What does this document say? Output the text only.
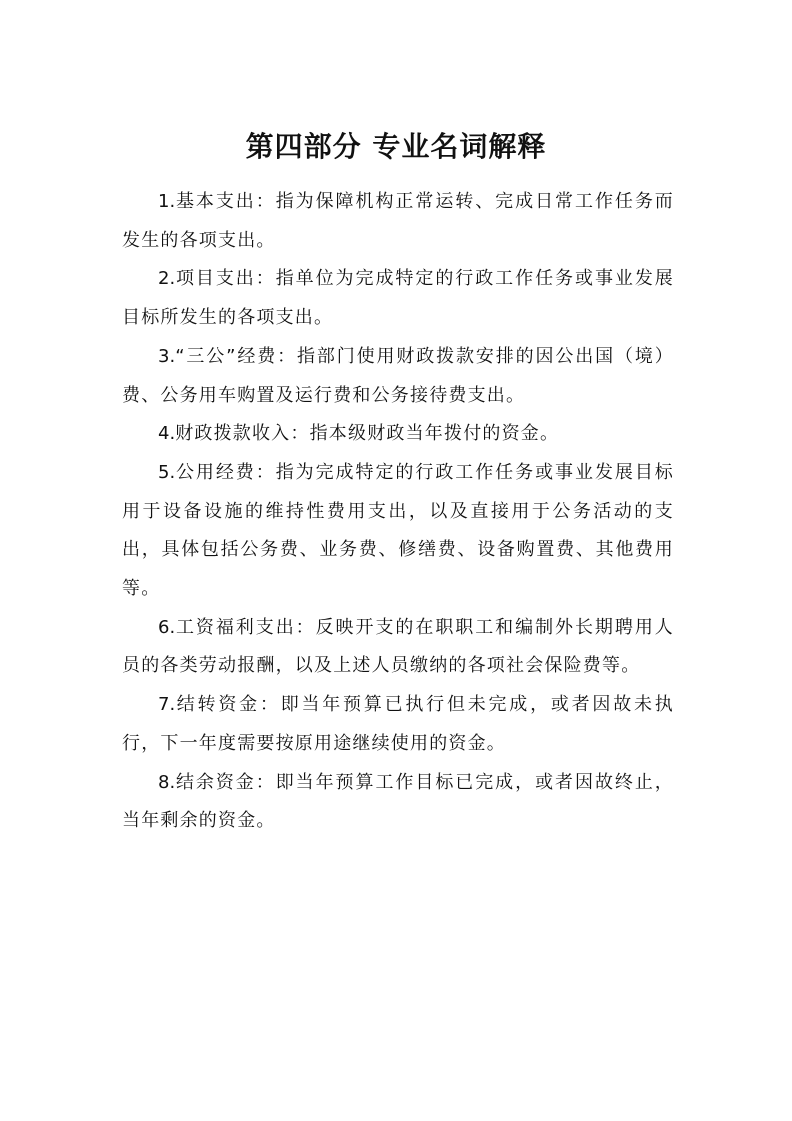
第四部分 专业名词解释

1.基本支出：指为保障机构正常运转、完成日常工作任务而发生的各项支出。

2.项目支出：指单位为完成特定的行政工作任务或事业发展目标所发生的各项支出。

3.“三公”经费：指部门使用财政拨款安排的因公出国（境）费、公务用车购置及运行费和公务接待费支出。

4.财政拨款收入：指本级财政当年拨付的资金。

5.公用经费：指为完成特定的行政工作任务或事业发展目标用于设备设施的维持性费用支出，以及直接用于公务活动的支出，具体包括公务费、业务费、修缮费、设备购置费、其他费用等。

6.工资福利支出：反映开支的在职职工和编制外长期聘用人员的各类劳动报酬，以及上述人员缴纳的各项社会保险费等。

7.结转资金：即当年预算已执行但未完成，或者因故未执行，下一年度需要按原用途继续使用的资金。

8.结余资金：即当年预算工作目标已完成，或者因故终止，当年剩余的资金。
